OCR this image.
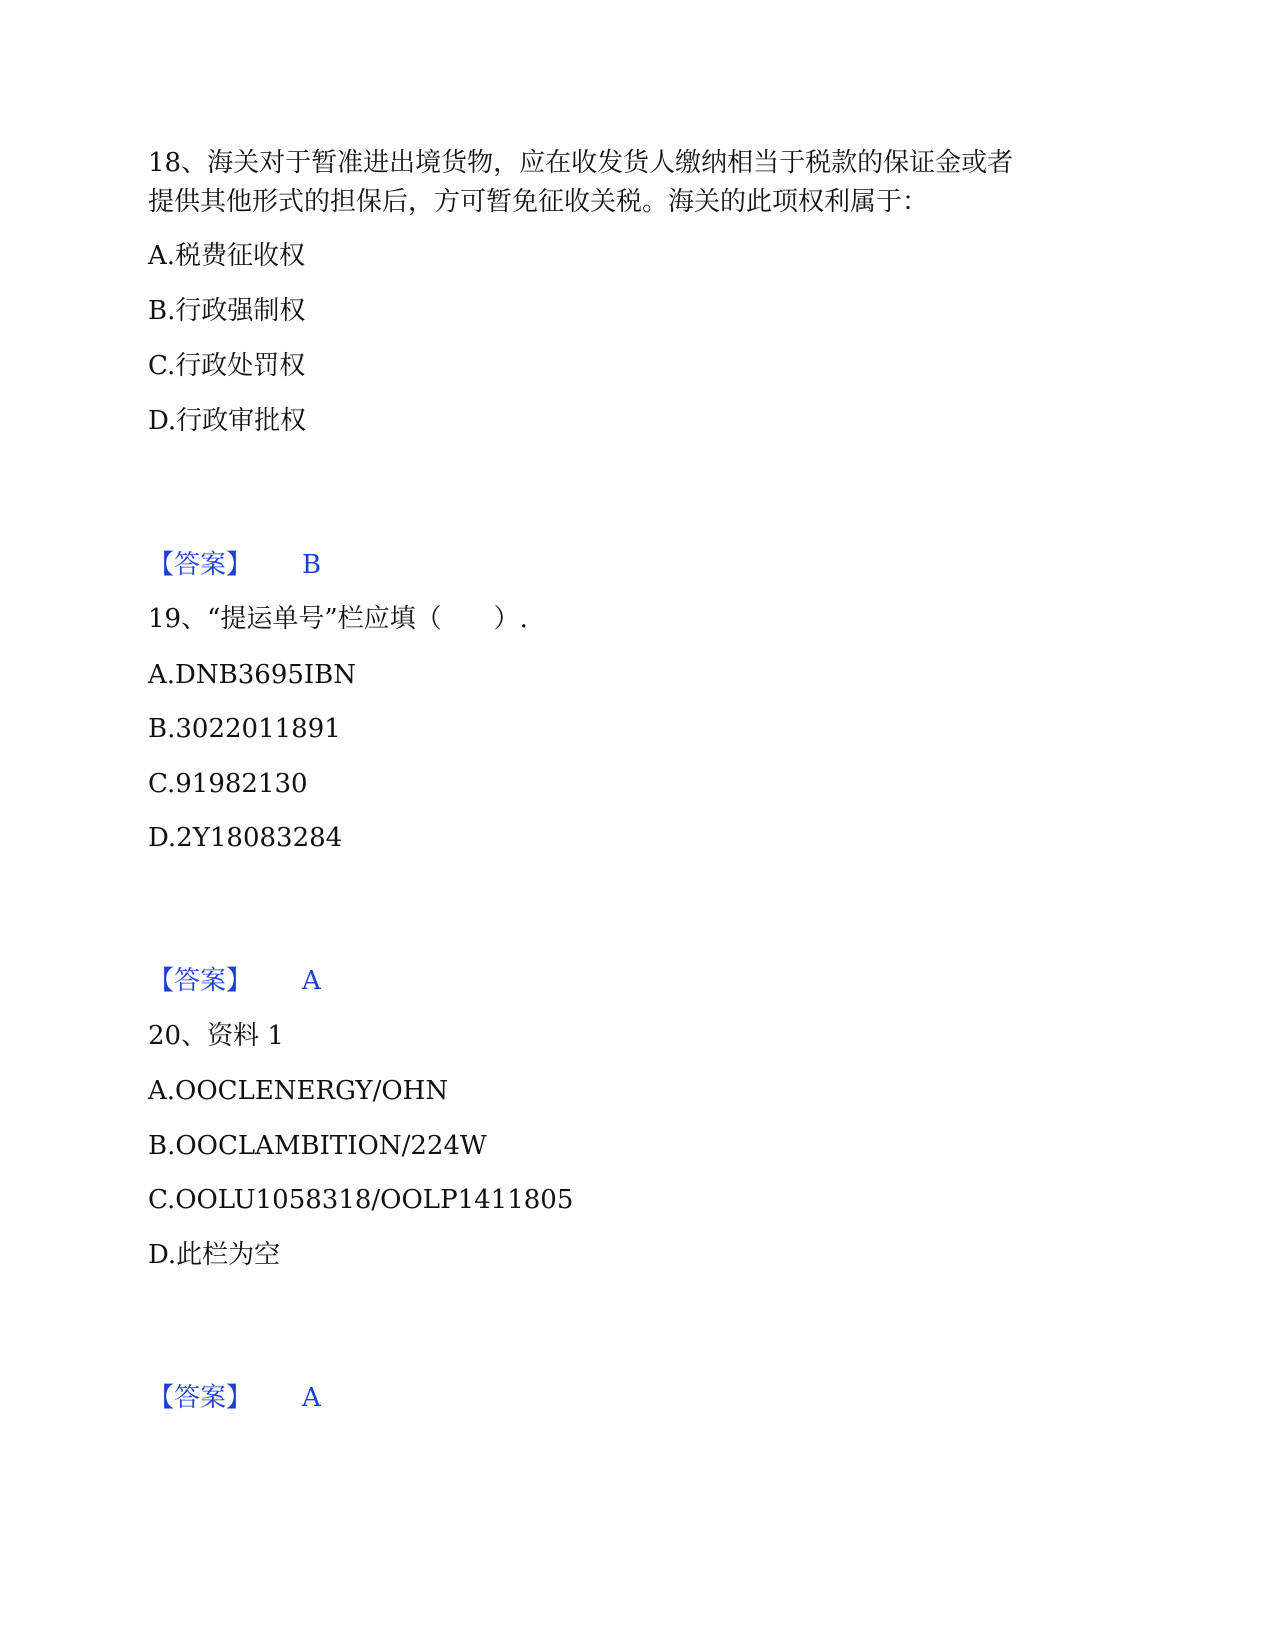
18、海关对于暂准进出境货物，应在收发货人缴纳相当于税款的保证金或者
提供其他形式的担保后，方可暂免征收关税。海关的此项权利属于：
A.税费征收权
B.行政强制权
C.行政处罚权
D.行政审批权
【答案】 B
19、“提运单号”栏应填（　　）.
A.DNB3695IBN
B.3022011891
C.91982130
D.2Y18083284
【答案】 A
20、资料 1
A.OOCLENERGY/OHN
B.OOCLAMBITION/224W
C.OOLU1058318/OOLP1411805
D.此栏为空
【答案】 A
